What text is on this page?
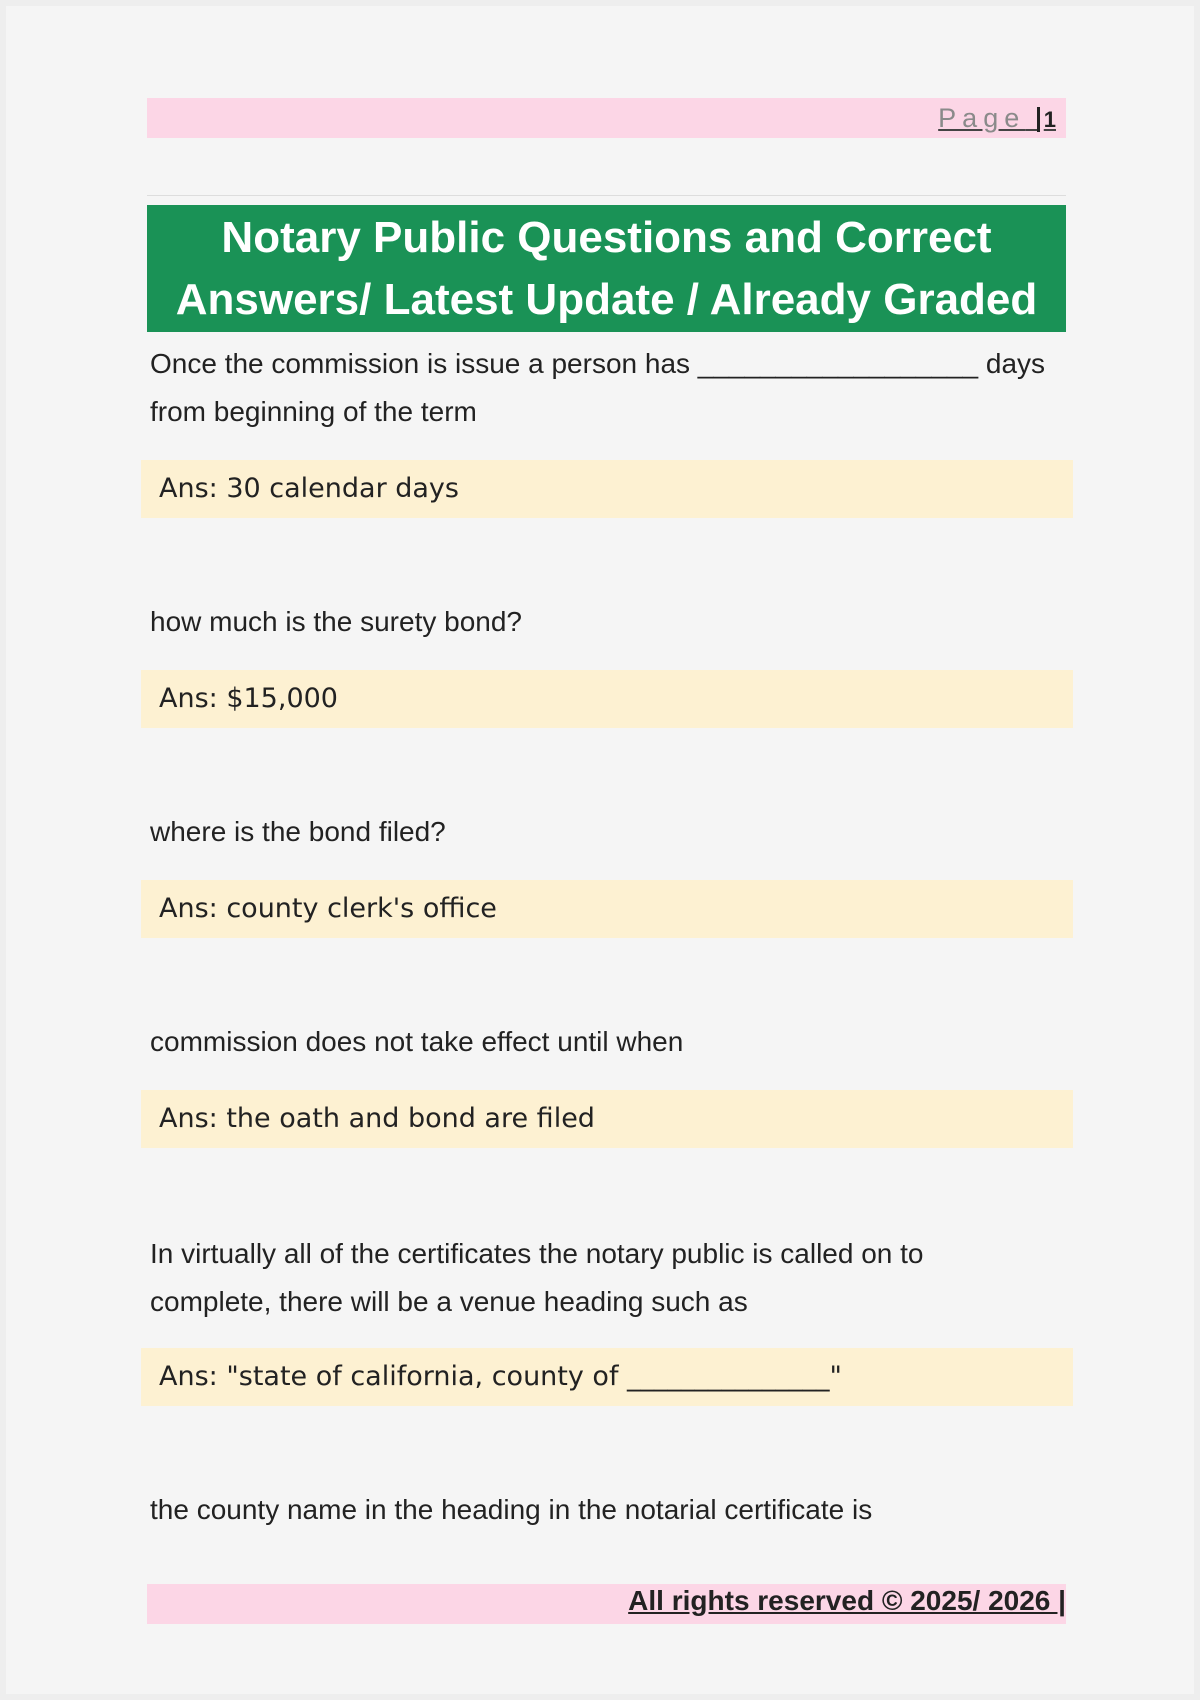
Page 1
Notary Public Questions and Correct
Answers/ Latest Update / Already Graded
Once the commission is issue a person has __________________ days
from beginning of the term
Ans: 30 calendar days
how much is the surety bond?
Ans: $15,000
where is the bond filed?
Ans: county clerk's office
commission does not take effect until when
Ans: the oath and bond are filed
In virtually all of the certificates the notary public is called on to
complete, there will be a venue heading such as
Ans: "state of california, county of _______________"
the county name in the heading in the notarial certificate is
All rights reserved © 2025/ 2026 |
